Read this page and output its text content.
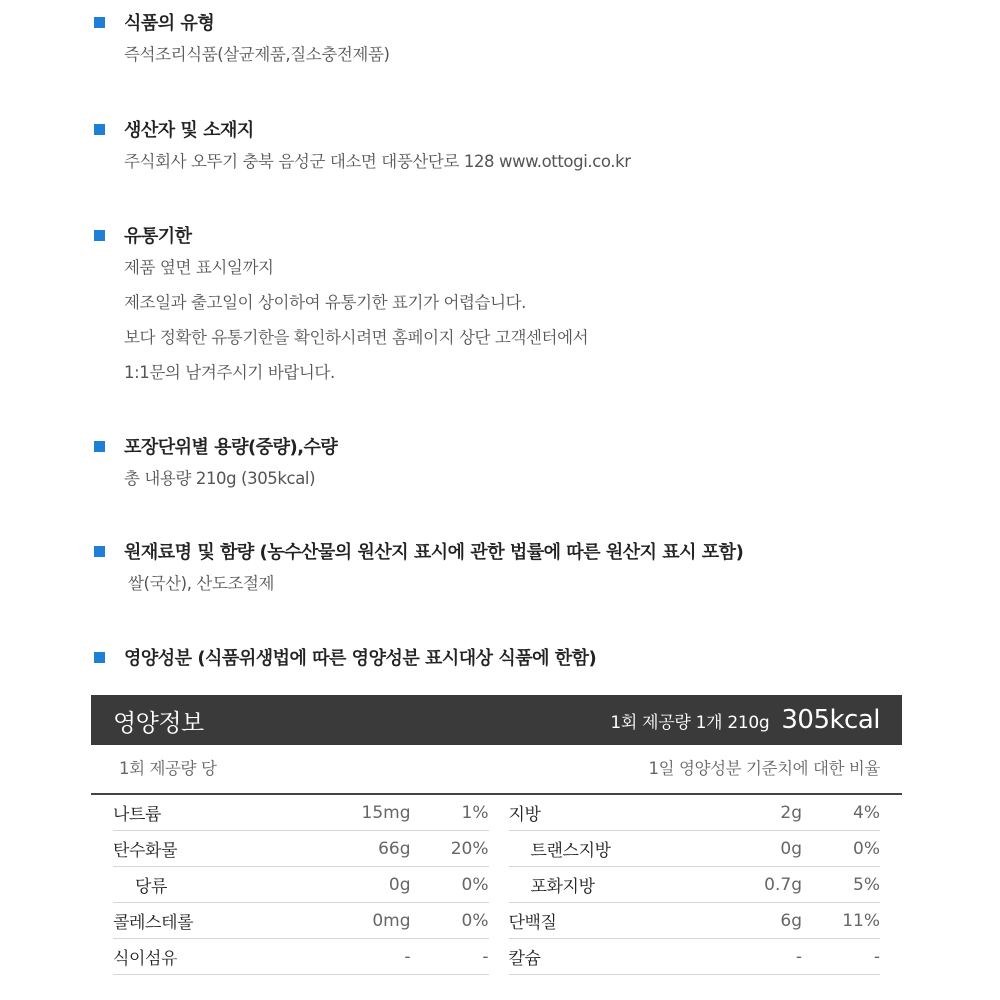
식품의 유형
즉석조리식품(살균제품,질소충전제품)
생산자 및 소재지
주식회사 오뚜기 충북 음성군 대소면 대풍산단로 128 www.ottogi.co.kr
유통기한
제품 옆면 표시일까지
제조일과 출고일이 상이하여 유통기한 표기가 어렵습니다.
보다 정확한 유통기한을 확인하시려면 홈페이지 상단 고객센터에서
1:1문의 남겨주시기 바랍니다.
포장단위별 용량(중량),수량
총 내용량 210g (305kcal)
원재료명 및 함량 (농수산물의 원산지 표시에 관한 법률에 따른 원산지 표시 포함)
쌀(국산), 산도조절제
영양성분 (식품위생법에 따른 영양성분 표시대상 식품에 한함)
영양정보	1회 제공량 1개 210g 305kcal
1회 제공량 당	1일 영양성분 기준치에 대한 비율
나트륨	15mg	1%
탄수화물	66g	20%
당류	0g	0%
콜레스테롤	0mg	0%
식이섬유	-	-
지방	2g	4%
트랜스지방	0g	0%
포화지방	0.7g	5%
단백질	6g	11%
칼슘	-	-
